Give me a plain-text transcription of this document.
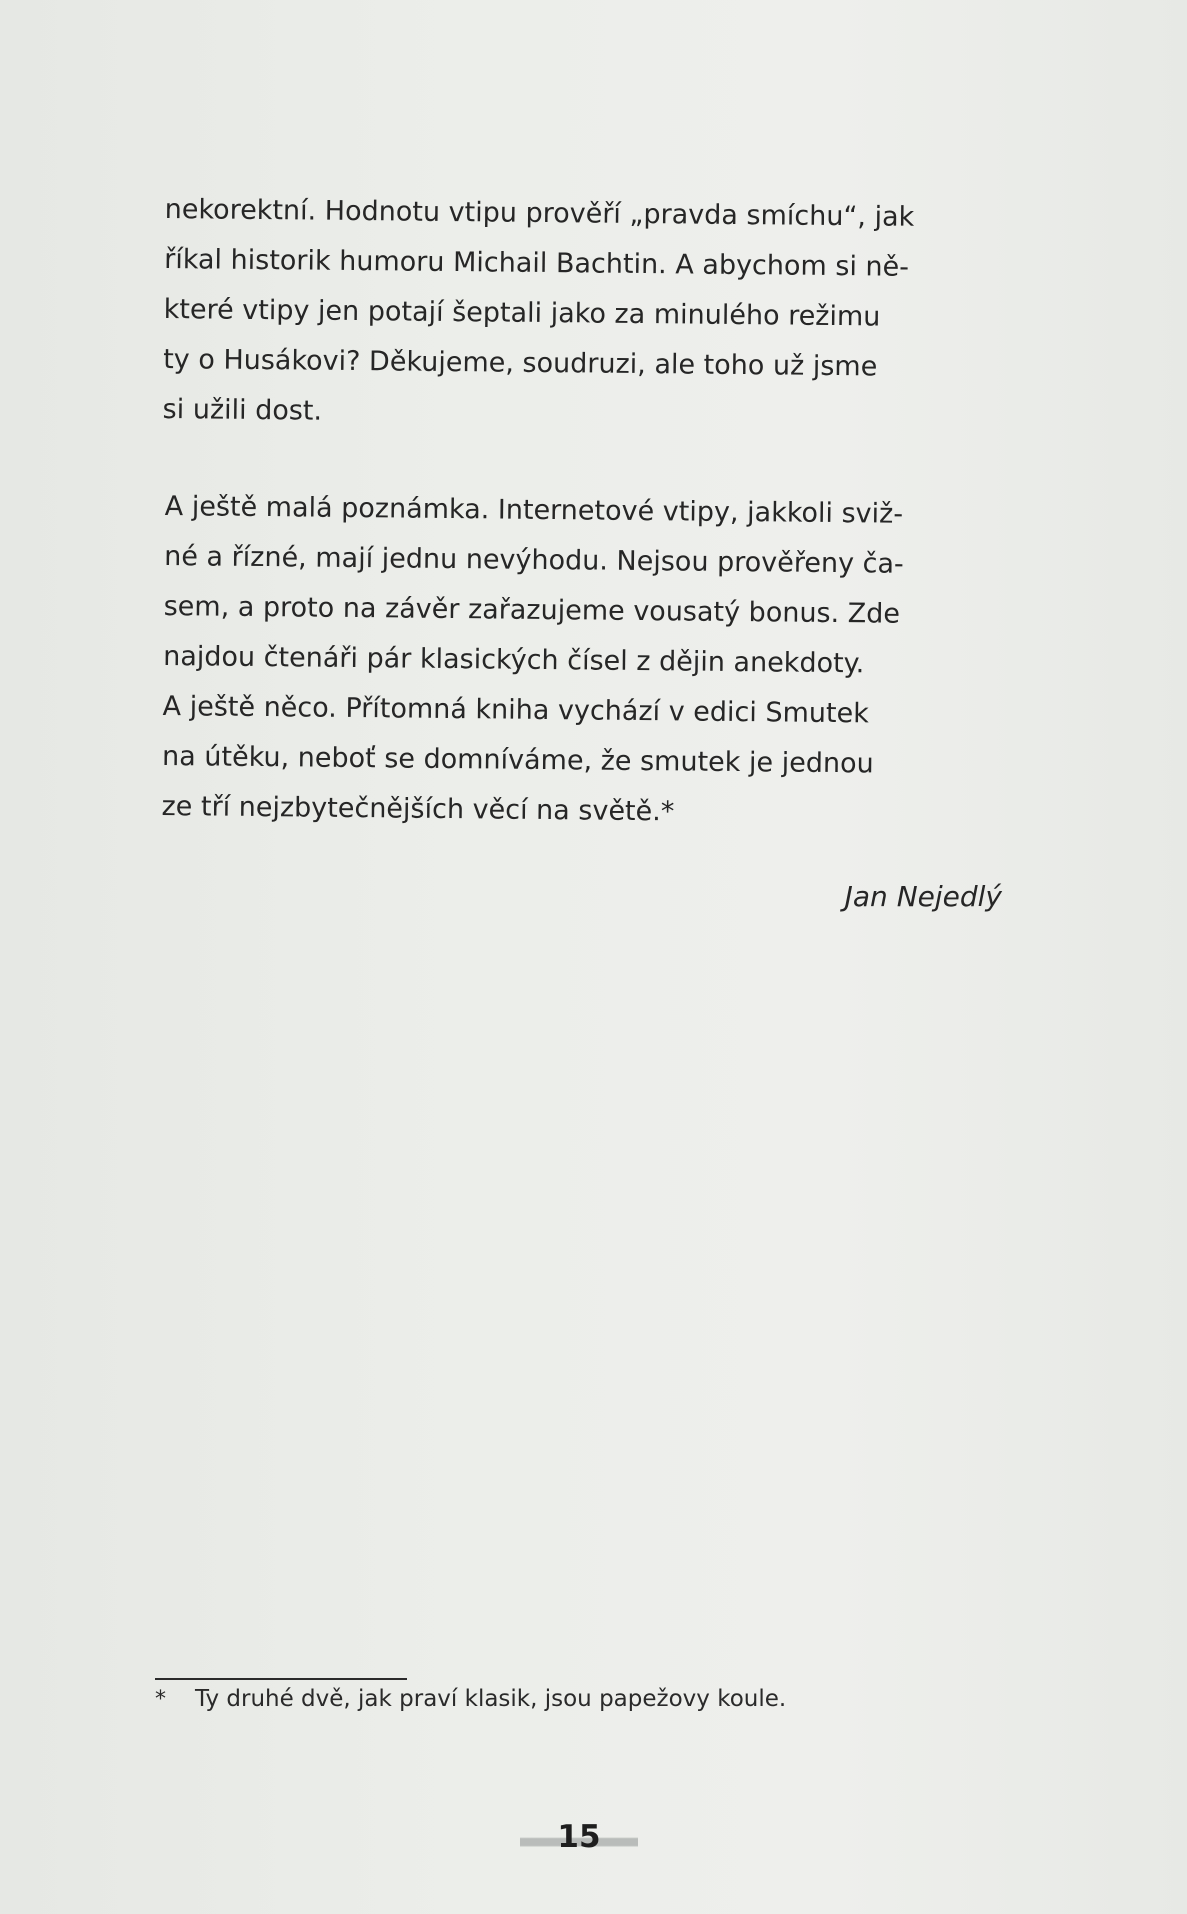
nekorektní. Hodnotu vtipu prověří „pravda smíchu“, jak

říkal historik humoru Michail Bachtin. A abychom si ně-

které vtipy jen potají šeptali jako za minulého režimu

ty o Husákovi? Děkujeme, soudruzi, ale toho už jsme

si užili dost.

A ještě malá poznámka. Internetové vtipy, jakkoli sviž-

né a řízné, mají jednu nevýhodu. Nejsou prověřeny ča-

sem, a proto na závěr zařazujeme vousatý bonus. Zde

najdou čtenáři pár klasických čísel z dějin anekdoty.

A ještě něco. Přítomná kniha vychází v edici Smutek

na útěku, neboť se domníváme, že smutek je jednou

ze tří nejzbytečnějších věcí na světě.*

Jan Nejedlý
*	Ty druhé dvě, jak praví klasik, jsou papežovy koule.
15
